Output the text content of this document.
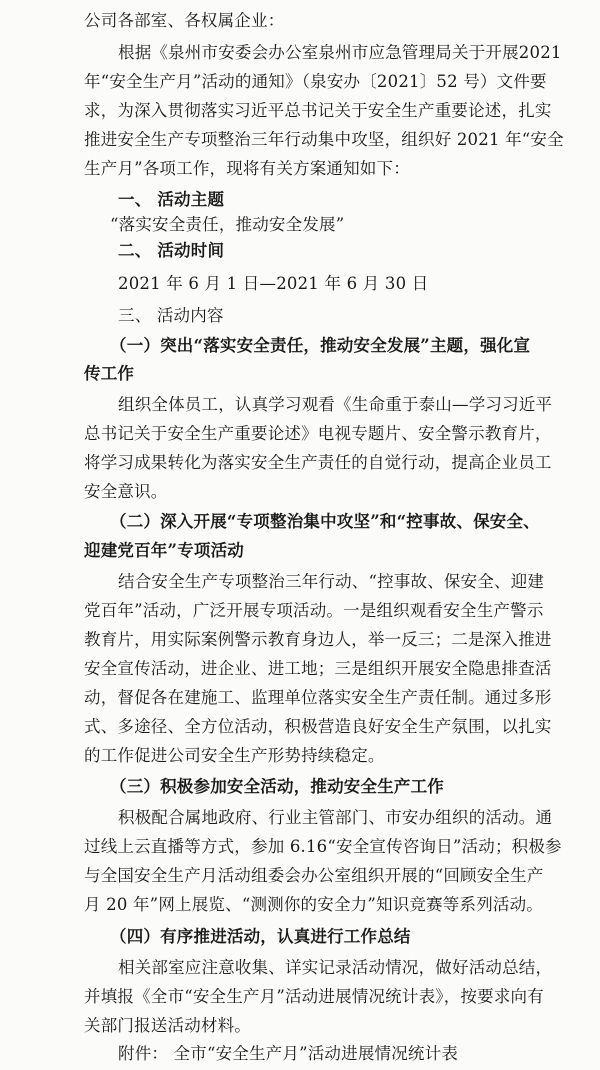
公司各部室、各权属企业：
根据《泉州市安委会办公室泉州市应急管理局关于开展2021
年“安全生产月”活动的通知》（泉安办〔2021〕52 号）文件要
求，为深入贯彻落实习近平总书记关于安全生产重要论述，扎实
推进安全生产专项整治三年行动集中攻坚，组织好 2021 年“安全
生产月”各项工作，现将有关方案通知如下：
一、 活动主题
“落实安全责任，推动安全发展”
二、 活动时间
2021 年 6 月 1 日—2021 年 6 月 30 日
三、 活动内容
（一）突出“落实安全责任，推动安全发展”主题，强化宣
传工作
组织全体员工，认真学习观看《生命重于泰山—学习习近平
总书记关于安全生产重要论述》电视专题片、安全警示教育片，
将学习成果转化为落实安全生产责任的自觉行动，提高企业员工
安全意识。
（二）深入开展“专项整治集中攻坚”和“控事故、保安全、
迎建党百年”专项活动
结合安全生产专项整治三年行动、“控事故、保安全、迎建
党百年”活动，广泛开展专项活动。一是组织观看安全生产警示
教育片，用实际案例警示教育身边人，举一反三；二是深入推进
安全宣传活动，进企业、进工地；三是组织开展安全隐患排查活
动，督促各在建施工、监理单位落实安全生产责任制。通过多形
式、多途径、全方位活动，积极营造良好安全生产氛围，以扎实
的工作促进公司安全生产形势持续稳定。
（三）积极参加安全活动，推动安全生产工作
积极配合属地政府、行业主管部门、市安办组织的活动。通
过线上云直播等方式，参加 6.16“安全宣传咨询日”活动；积极参
与全国安全生产月活动组委会办公室组织开展的“回顾安全生产
月 20 年”网上展览、“测测你的安全力”知识竞赛等系列活动。
（四）有序推进活动，认真进行工作总结
相关部室应注意收集、详实记录活动情况，做好活动总结，
并填报《全市“安全生产月”活动进展情况统计表》，按要求向有
关部门报送活动材料。
附件： 全市“安全生产月”活动进展情况统计表
